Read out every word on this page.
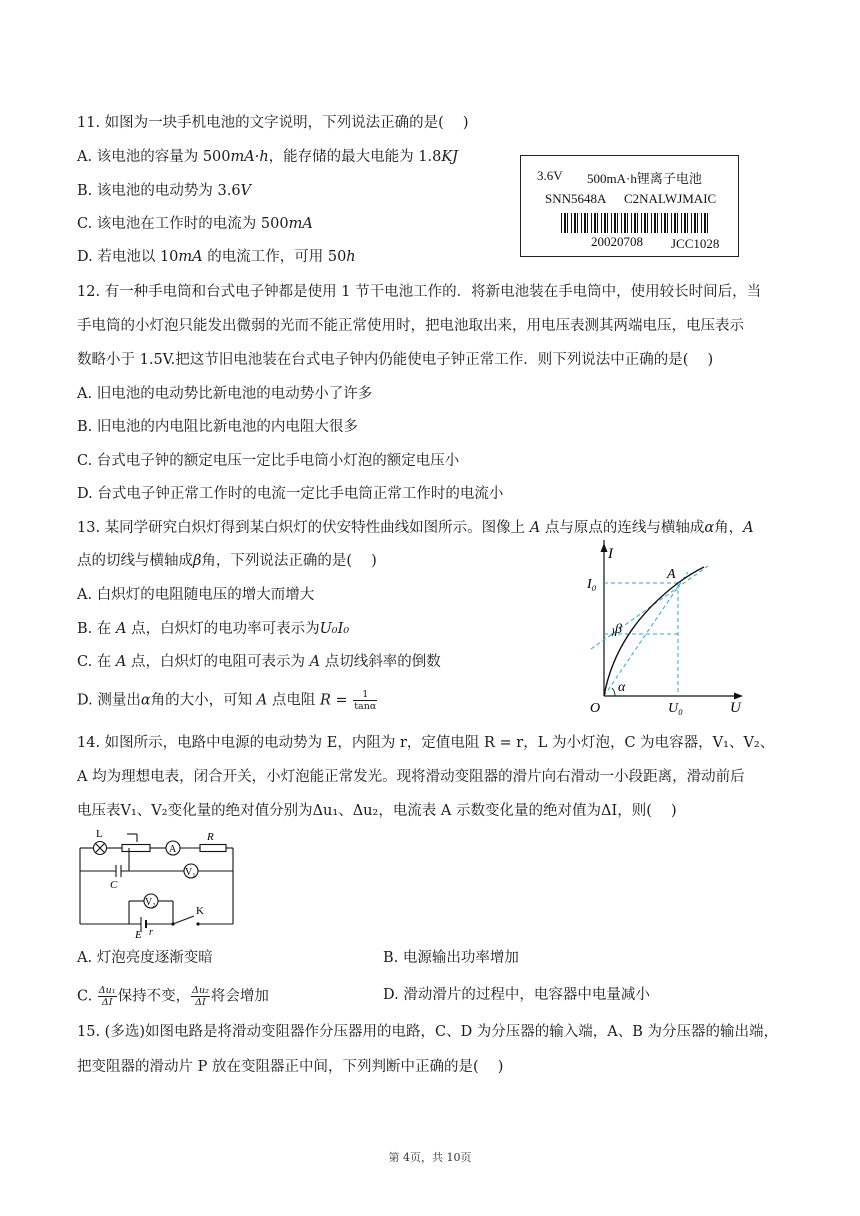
11. 如图为一块手机电池的文字说明，下列说法正确的是(　 )
A. 该电池的容量为 500mA·h，能存储的最大电能为 1.8KJ
B. 该电池的电动势为 3.6V
C. 该电池在工作时的电流为 500mA
D. 若电池以 10mA 的电流工作，可用 50h
3.6V 500mA·h锂离子电池
SNN5648A C2NALWJMAIC
20020708 JCC1028
12. 有一种手电筒和台式电子钟都是使用 1 节干电池工作的．将新电池装在手电筒中，使用较长时间后，当
手电筒的小灯泡只能发出微弱的光而不能正常使用时，把电池取出来，用电压表测其两端电压，电压表示
数略小于 1.5V.把这节旧电池装在台式电子钟内仍能使电子钟正常工作．则下列说法中正确的是(　 )
A. 旧电池的电动势比新电池的电动势小了许多
B. 旧电池的内电阻比新电池的内电阻大很多
C. 台式电子钟的额定电压一定比手电筒小灯泡的额定电压小
D. 台式电子钟正常工作时的电流一定比手电筒正常工作时的电流小
13. 某同学研究白炽灯得到某白炽灯的伏安特性曲线如图所示。图像上 A 点与原点的连线与横轴成α角，A
点的切线与横轴成β角，下列说法正确的是(　 )
A. 白炽灯的电阻随电压的增大而增大
B. 在 A 点，白炽灯的电功率可表示为U₀I₀
C. 在 A 点，白炽灯的电阻可表示为 A 点切线斜率的倒数
D. 测量出α角的大小，可知 A 点电阻 $R = \frac{1}{\tan\alpha}$
I
U
O
I₀
U₀
A
α
β
14. 如图所示，电路中电源的电动势为 E，内阻为 r，定值电阻 R = r，L 为小灯泡，C 为电容器，V₁、V₂、
A 均为理想电表，闭合开关，小灯泡能正常发光。现将滑动变阻器的滑片向右滑动一小段距离，滑动前后
电压表V₁、V₂变化量的绝对值分别为Δu₁、Δu₂，电流表 A 示数变化量的绝对值为ΔI，则(　 )
L
A
R
V₁
C
V₂
E r
K
A. 灯泡亮度逐渐变暗	B. 电源输出功率增加
C. $\frac{\text{Δu₁}}{\Delta I}$ 保持不变， $\frac{\text{Δu₂}}{\Delta I}$ 将会增加	D. 滑动滑片的过程中，电容器中电量减小
15. (多选)如图电路是将滑动变阻器作分压器用的电路，C、D 为分压器的输入端，A、B 为分压器的输出端，
把变阻器的滑动片 P 放在变阻器正中间，下列判断中正确的是(　 )
第 4页，共 10页
